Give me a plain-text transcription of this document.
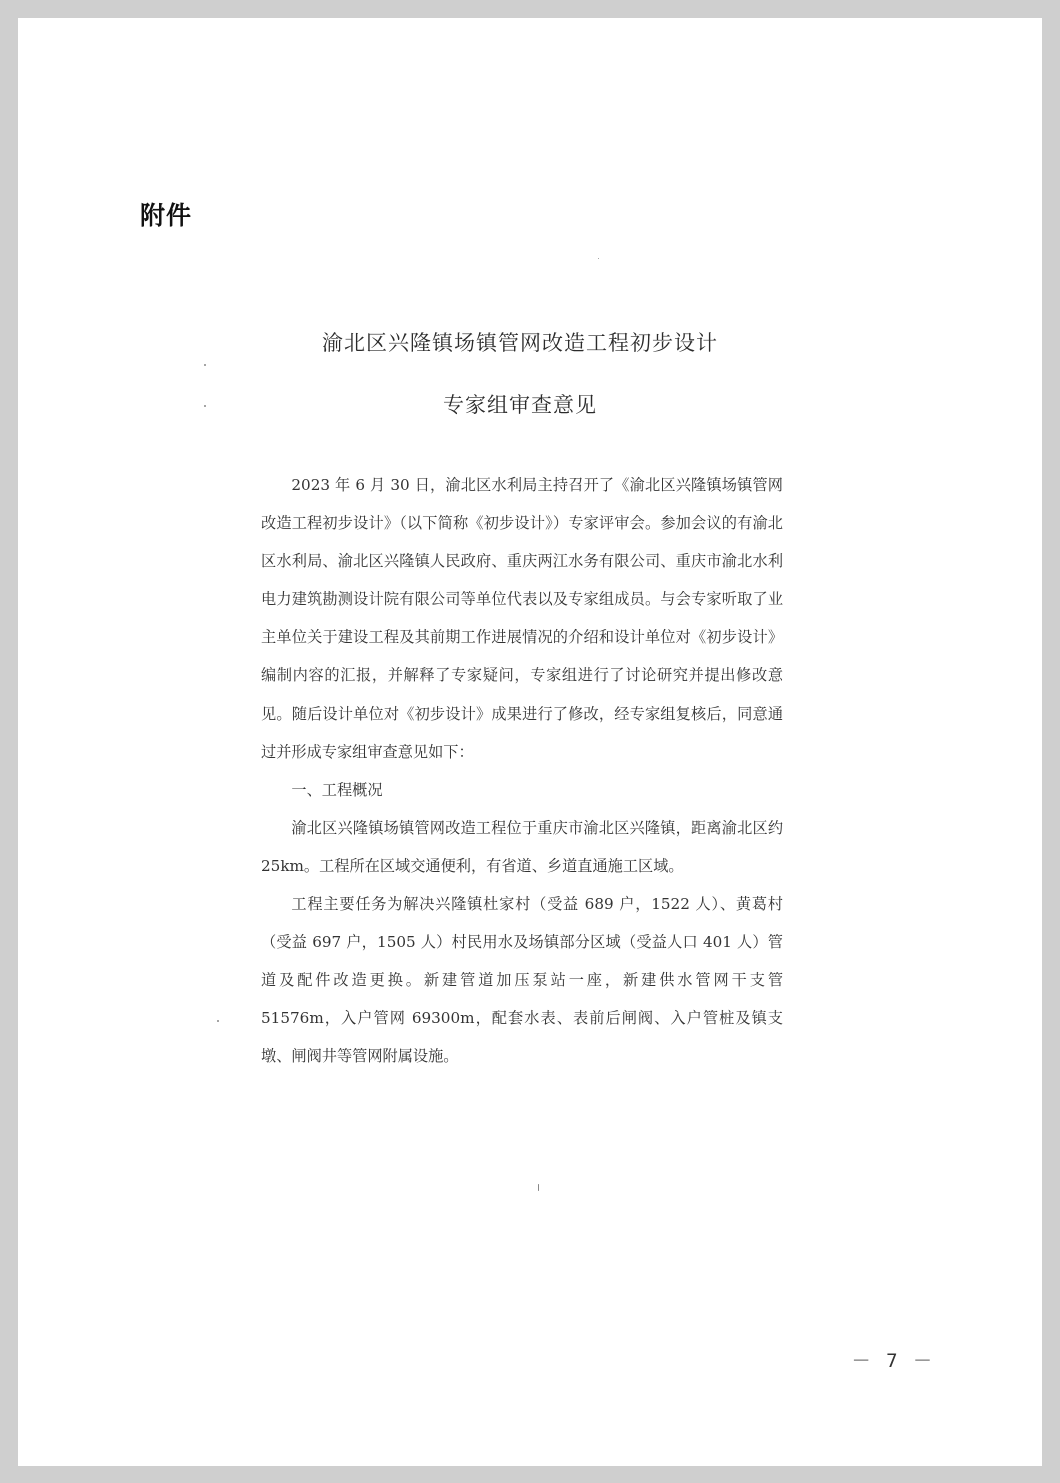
附件
渝北区兴隆镇场镇管网改造工程初步设计
专家组审查意见

2023 年 6 月 30 日，渝北区水利局主持召开了《渝北区兴隆镇场镇管网改造工程初步设计》（以下简称《初步设计》）专家评审会。参加会议的有渝北区水利局、渝北区兴隆镇人民政府、重庆两江水务有限公司、重庆市渝北水利电力建筑勘测设计院有限公司等单位代表以及专家组成员。与会专家听取了业主单位关于建设工程及其前期工作进展情况的介绍和设计单位对《初步设计》编制内容的汇报，并解释了专家疑问，专家组进行了讨论研究并提出修改意见。随后设计单位对《初步设计》成果进行了修改，经专家组复核后，同意通过并形成专家组审查意见如下：

一、工程概况

渝北区兴隆镇场镇管网改造工程位于重庆市渝北区兴隆镇，距离渝北区约 25km。工程所在区域交通便利，有省道、乡道直通施工区域。

工程主要任务为解决兴隆镇杜家村（受益 689 户，1522 人）、黄葛村（受益 697 户，1505 人）村民用水及场镇部分区域（受益人口 401 人）管道及配件改造更换。新建管道加压泵站一座，新建供水管网干支管 51576m，入户管网 69300m，配套水表、表前后闸阀、入户管桩及镇支墩、闸阀井等管网附属设施。

－ 7 －
